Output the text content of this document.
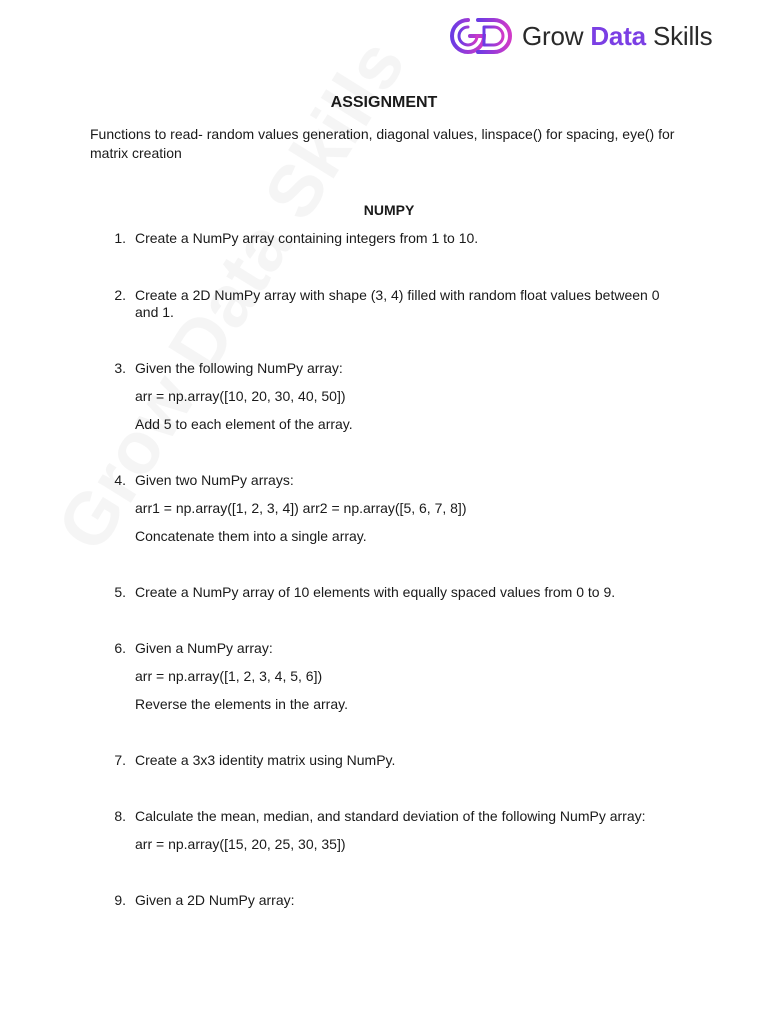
Grow Data Skills
ASSIGNMENT
Functions to read- random values generation, diagonal values, linspace() for spacing, eye() for matrix creation
NUMPY
1. Create a NumPy array containing integers from 1 to 10.

2. Create a 2D NumPy array with shape (3, 4) filled with random float values between 0 and 1.

3. Given the following NumPy array:

arr = np.array([10, 20, 30, 40, 50])
Add 5 to each element of the array.
4. Given two NumPy arrays:

arr1 = np.array([1, 2, 3, 4]) arr2 = np.array([5, 6, 7, 8])
Concatenate them into a single array.
5. Create a NumPy array of 10 elements with equally spaced values from 0 to 9.

6. Given a NumPy array:

arr = np.array([1, 2, 3, 4, 5, 6])
Reverse the elements in the array.
7. Create a 3x3 identity matrix using NumPy.

8. Calculate the mean, median, and standard deviation of the following NumPy array:

arr = np.array([15, 20, 25, 30, 35])
9. Given a 2D NumPy array:
